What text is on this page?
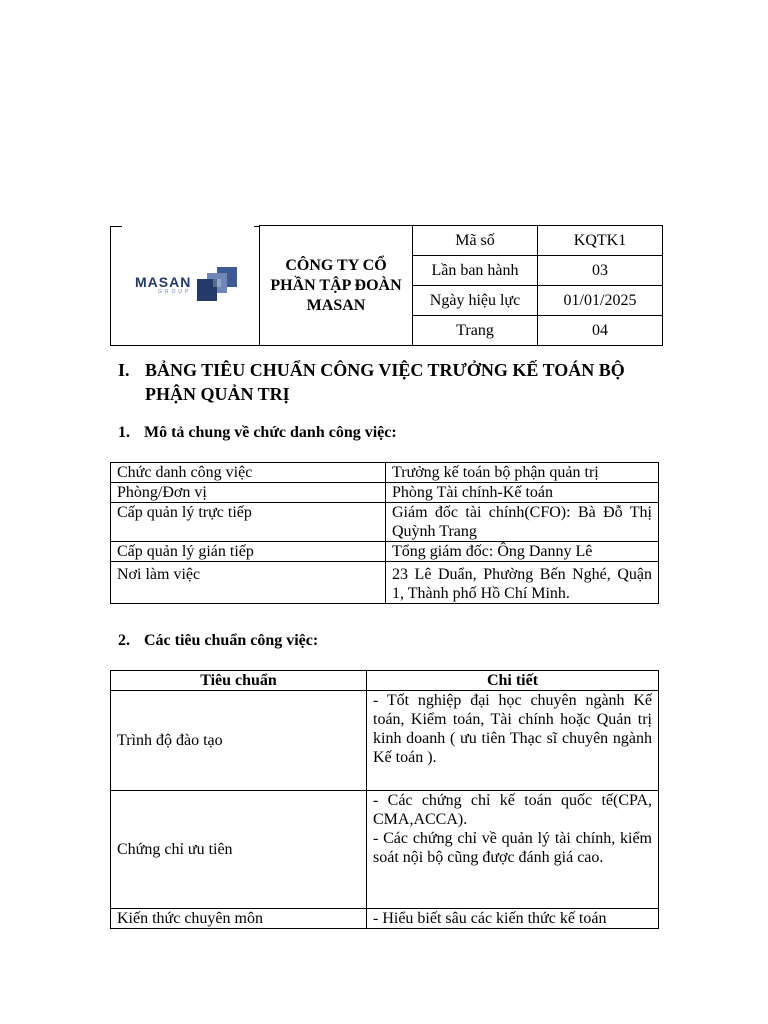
MASAN
GROUP	CÔNG TY CỔ PHẦN TẬP ĐOÀN MASAN	Mã số	KQTK1
		Lần ban hành	03
		Ngày hiệu lực	01/01/2025
		Trang	04
I. BẢNG TIÊU CHUẨN CÔNG VIỆC TRƯỞNG KẾ TOÁN BỘ PHẬN QUẢN TRỊ
1. Mô tả chung về chức danh công việc:
Chức danh công việc	Trưởng kế toán bộ phận quản trị
Phòng/Đơn vị	Phòng Tài chính-Kế toán
Cấp quản lý trực tiếp	Giám đốc tài chính(CFO): Bà Đỗ Thị Quỳnh Trang
Cấp quản lý gián tiếp	Tổng giám đốc: Ông Danny Lê
Nơi làm việc	23 Lê Duẩn, Phường Bến Nghé, Quận 1, Thành phố Hồ Chí Minh.
2. Các tiêu chuẩn công việc:
Tiêu chuẩn	Chi tiết
Trình độ đào tạo	- Tốt nghiệp đại học chuyên ngành Kế toán, Kiểm toán, Tài chính hoặc Quản trị kinh doanh ( ưu tiên Thạc sĩ chuyên ngành Kế toán ).

Chứng chỉ ưu tiên	- Các chứng chỉ kế toán quốc tế(CPA, CMA,ACCA).
- Các chứng chỉ về quản lý tài chính, kiểm soát nội bộ cũng được đánh giá cao.

Kiến thức chuyên môn	- Hiểu biết sâu các kiến thức kế toán
